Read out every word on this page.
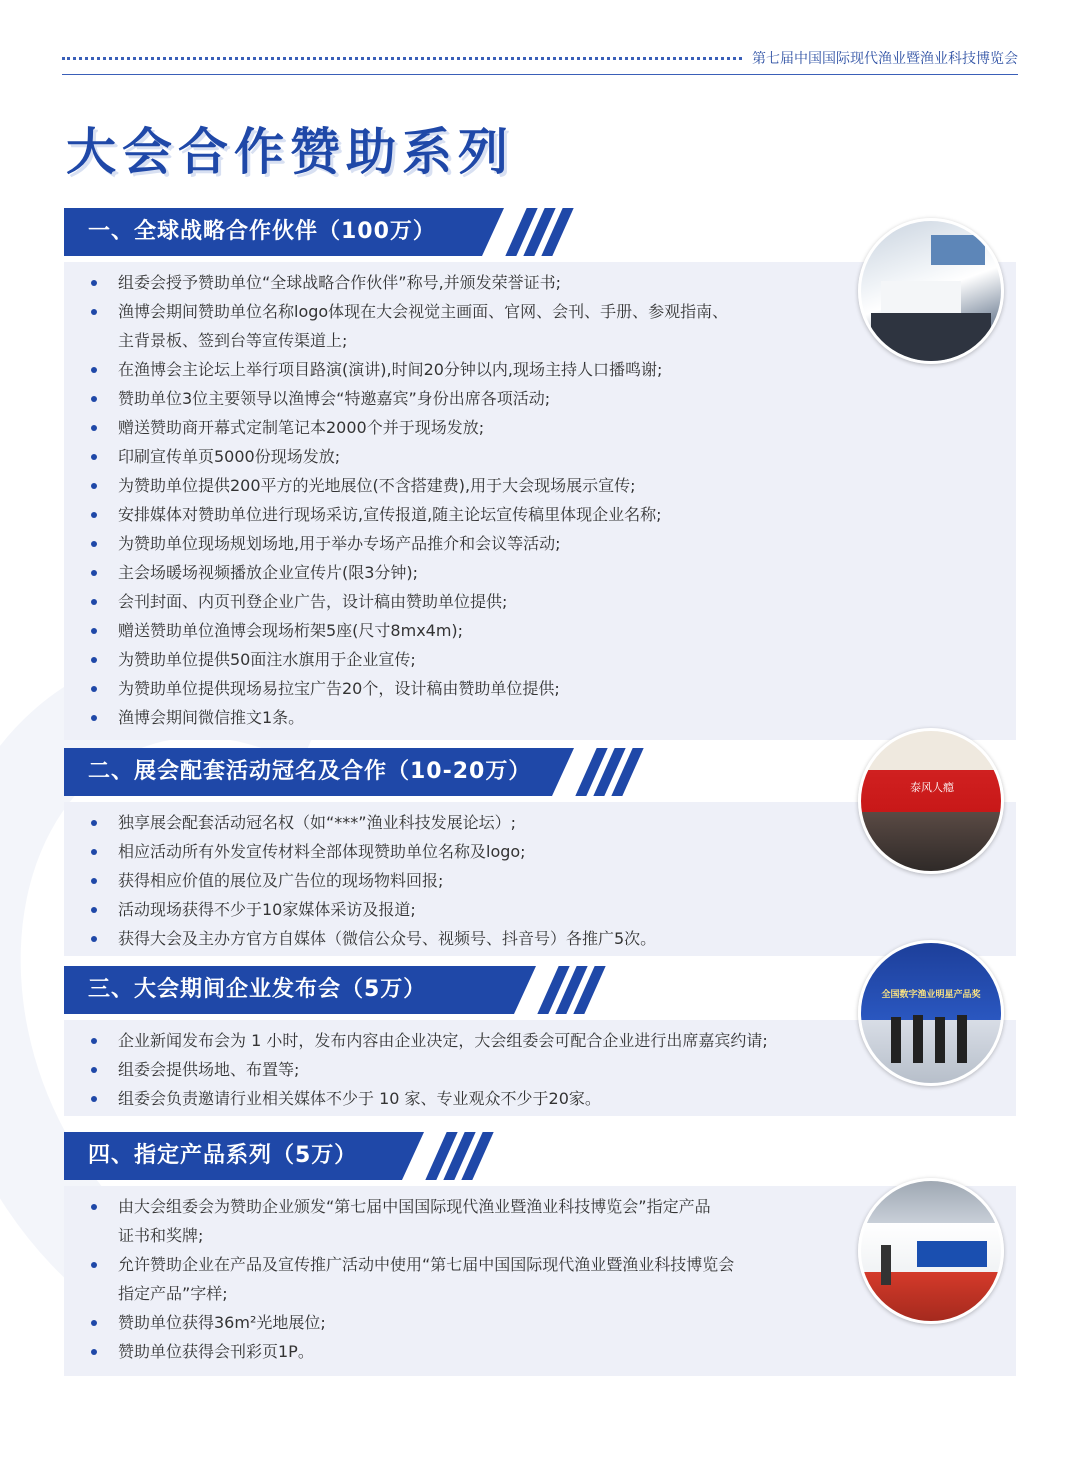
第七届中国国际现代渔业暨渔业科技博览会
大会合作赞助系列
组委会授予赞助单位“全球战略合作伙伴”称号,并颁发荣誉证书;
渔博会期间赞助单位名称logo体现在大会视觉主画面、官网、会刊、手册、参观指南、
主背景板、签到台等宣传渠道上;
在渔博会主论坛上举行项目路演(演讲),时间20分钟以内,现场主持人口播鸣谢;
赞助单位3位主要领导以渔博会“特邀嘉宾”身份出席各项活动;
赠送赞助商开幕式定制笔记本2000个并于现场发放;
印刷宣传单页5000份现场发放;
为赞助单位提供200平方的光地展位(不含搭建费),用于大会现场展示宣传;
安排媒体对赞助单位进行现场采访,宣传报道,随主论坛宣传稿里体现企业名称;
为赞助单位现场规划场地,用于举办专场产品推介和会议等活动;
主会场暖场视频播放企业宣传片(限3分钟);
会刊封面、内页刊登企业广告，设计稿由赞助单位提供;
赠送赞助单位渔博会现场桁架5座(尺寸8mx4m);
为赞助单位提供50面注水旗用于企业宣传;
为赞助单位提供现场易拉宝广告20个，设计稿由赞助单位提供;
渔博会期间微信推文1条。
一、全球战略合作伙伴（100万）
独享展会配套活动冠名权（如“***”渔业科技发展论坛）;
相应活动所有外发宣传材料全部体现赞助单位名称及logo;
获得相应价值的展位及广告位的现场物料回报;
活动现场获得不少于10家媒体采访及报道;
获得大会及主办方官方自媒体（微信公众号、视频号、抖音号）各推广5次。
二、展会配套活动冠名及合作（10-20万）
企业新闻发布会为 1 小时，发布内容由企业决定，大会组委会可配合企业进行出席嘉宾约请;
组委会提供场地、布置等;
组委会负责邀请行业相关媒体不少于 10 家、专业观众不少于20家。
三、大会期间企业发布会（5万）
由大会组委会为赞助企业颁发“第七届中国国际现代渔业暨渔业科技博览会”指定产品
证书和奖牌;
允许赞助企业在产品及宣传推广活动中使用“第七届中国国际现代渔业暨渔业科技博览会
指定产品”字样;
赞助单位获得36m²光地展位;
赞助单位获得会刊彩页1P。
四、指定产品系列（5万）
泰风人瘾
全国数字渔业明星产品奖
